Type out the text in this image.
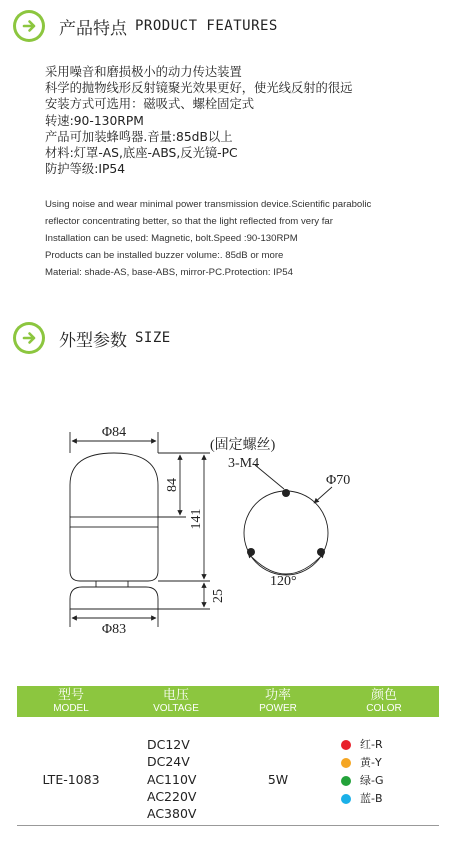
产品特点 PRODUCT FEATURES
采用噪音和磨损极小的动力传达装置
科学的抛物线形反射镜聚光效果更好，使光线反射的很远
安装方式可选用：磁吸式、螺栓固定式
转速:90-130RPM
产品可加装蜂鸣器.音量:85dB以上
材料:灯罩-AS,底座-ABS,反光镜-PC
防护等级:IP54
Using noise and wear minimal power transmission device.Scientific parabolic
reflector concentrating better, so that the light reflected from very far
Installation can be used: Magnetic, bolt.Speed :90-130RPM
Products can be installed buzzer volume:. 85dB or more
Material: shade-AS, base-ABS, mirror-PC.Protection: IP54
外型参数 SIZE
Φ84
Φ83
84
141
25
(固定螺丝)
3-M4
Φ70
120°
型号
MODEL
电压
VOLTAGE
功率
POWER
颜色
COLOR
LTE-1083
DC12V
DC24V
AC110V
AC220V
AC380V
5W
红-R
黄-Y
绿-G
蓝-B
